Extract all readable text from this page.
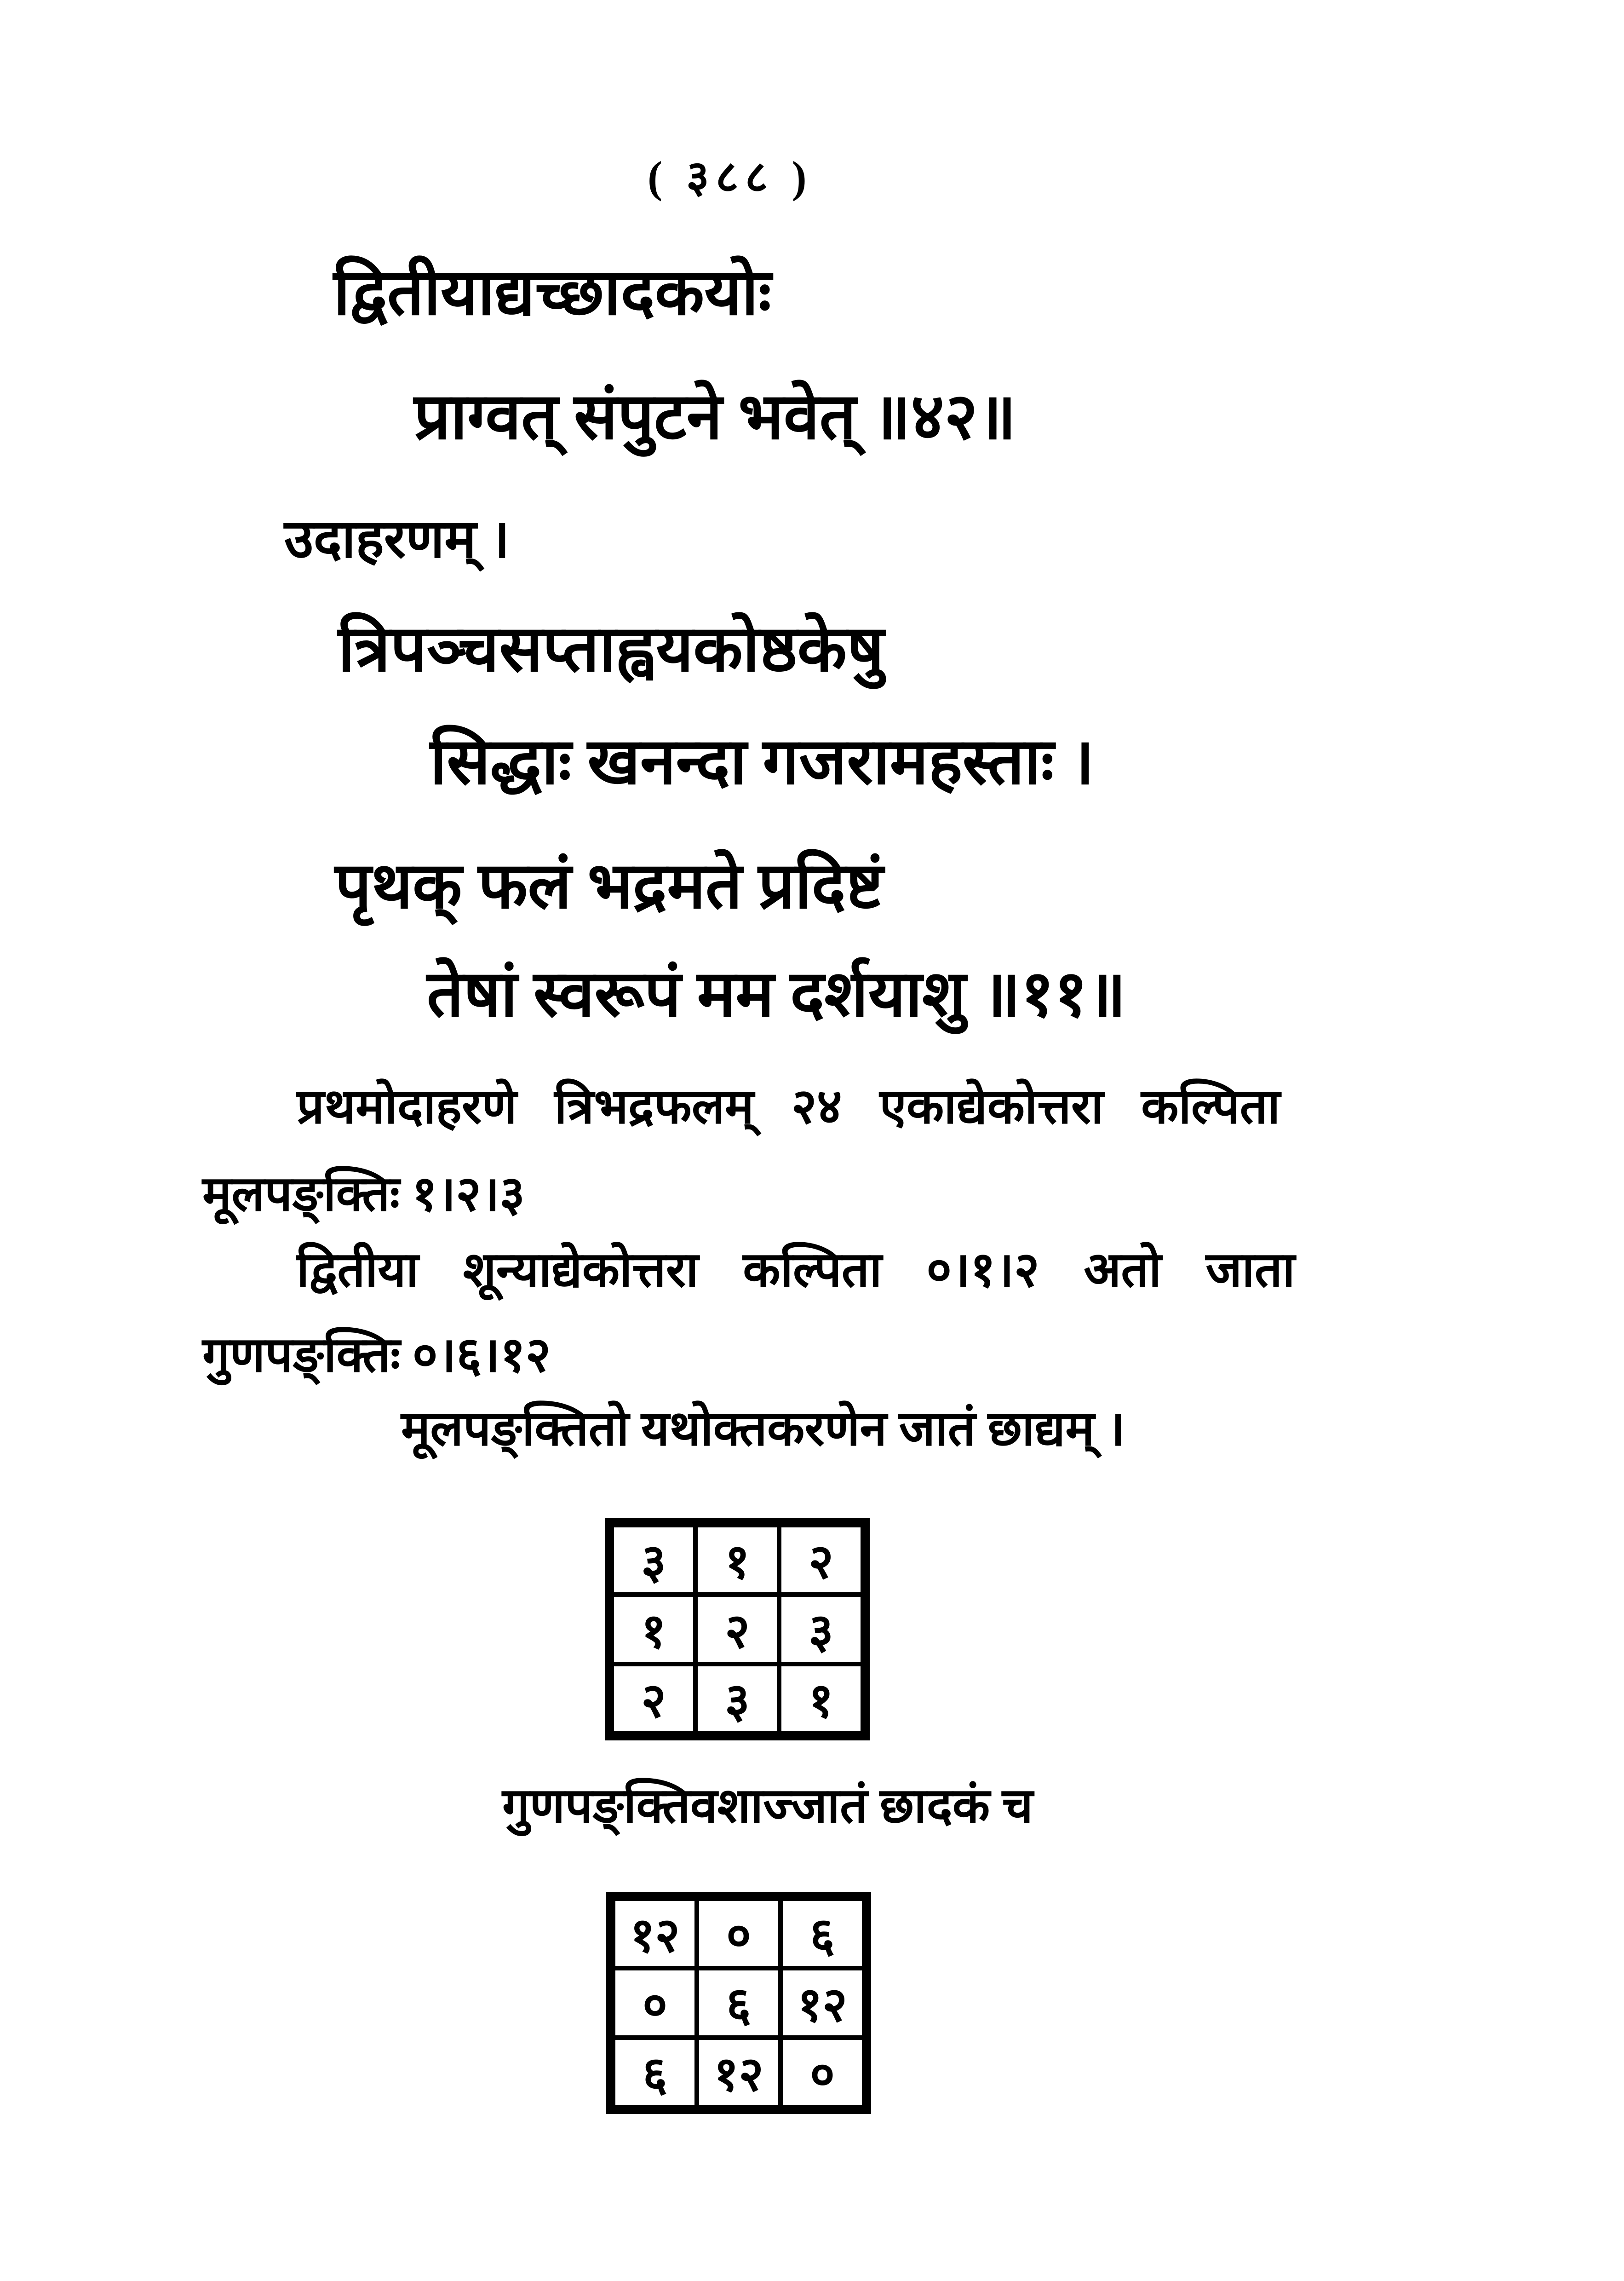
( ३८८ )
द्वितीयाद्यच्छादकयोः
प्राग्वत् संपुटने भवेत् ॥४२॥
उदाहरणम् ।
त्रिपञ्चसप्ताह्वयकोष्ठकेषु
सिद्धाः खनन्दा गजरामहस्ताः ।
पृथक् फलं भद्रमते प्रदिष्टं
तेषां स्वरूपं मम दर्शयाशु ॥११॥
प्रथमोदाहरणे त्रिभद्रफलम् २४ एकाद्येकोत्तरा कल्पिता
मूलपङ्क्तिः १।२।३
द्वितीया शून्याद्येकोत्तरा कल्पिता ०।१।२ अतो जाता
गुणपङ्क्तिः ०।६।१२
मूलपङ्क्तितो यथोक्तकरणेन जातं छाद्यम् ।
३	१	२
१	२	३
२	३	१
गुणपङ्क्तिवशाज्जातं छादकं च
१२	०	६
०	६	१२
६	१२	०
